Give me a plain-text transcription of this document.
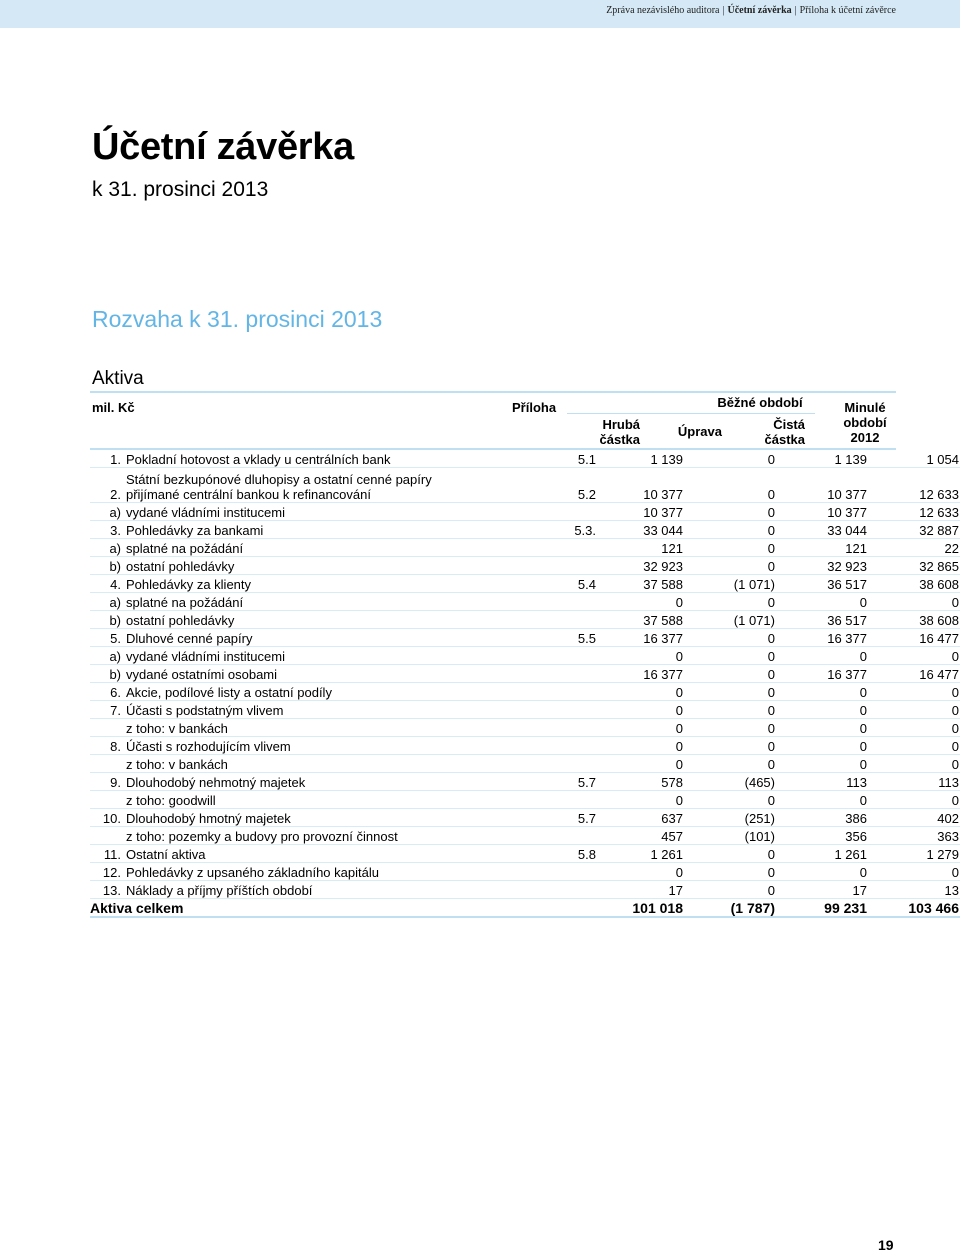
Zpráva nezávislého auditora | Účetní závěrka | Příloha k účetní závěrce
Účetní závěrka
k 31. prosinci 2013
Rozvaha k 31. prosinci 2013
Aktiva
mil. Kč	Příloha	Běžné období
Hrubá
částka
Úprava	Čistá
částka
Minulé
období
2012
1.	Pokladní hotovost a vklady u centrálních bank	5.1	1 139	0	1 139	1 054
2.	Státní bezkupónové dluhopisy a ostatní cenné papíry
přijímané centrální bankou k refinancování	5.2	10 377	0	10 377	12 633
a)	vydané vládními institucemi		10 377	0	10 377	12 633
3.	Pohledávky za bankami	5.3.	33 044	0	33 044	32 887
a)	splatné na požádání		121	0	121	22
b)	ostatní pohledávky		32 923	0	32 923	32 865
4.	Pohledávky za klienty	5.4	37 588	(1 071)	36 517	38 608
a)	splatné na požádání		0	0	0	0
b)	ostatní pohledávky		37 588	(1 071)	36 517	38 608
5.	Dluhové cenné papíry	5.5	16 377	0	16 377	16 477
a)	vydané vládními institucemi		0	0	0	0
b)	vydané ostatními osobami		16 377	0	16 377	16 477
6.	Akcie, podílové listy a ostatní podíly		0	0	0	0
7.	Účasti s podstatným vlivem		0	0	0	0
	z toho: v bankách		0	0	0	0
8.	Účasti s rozhodujícím vlivem		0	0	0	0
	z toho: v bankách		0	0	0	0
9.	Dlouhodobý nehmotný majetek	5.7	578	(465)	113	113
	z toho: goodwill		0	0	0	0
10.	Dlouhodobý hmotný majetek	5.7	637	(251)	386	402
	z toho: pozemky a budovy pro provozní činnost		457	(101)	356	363
11.	Ostatní aktiva	5.8	1 261	0	1 261	1 279
12.	Pohledávky z upsaného základního kapitálu		0	0	0	0
13.	Náklady a příjmy příštích období		17	0	17	13
Aktiva celkem			101 018	(1 787)	99 231	103 466
19
